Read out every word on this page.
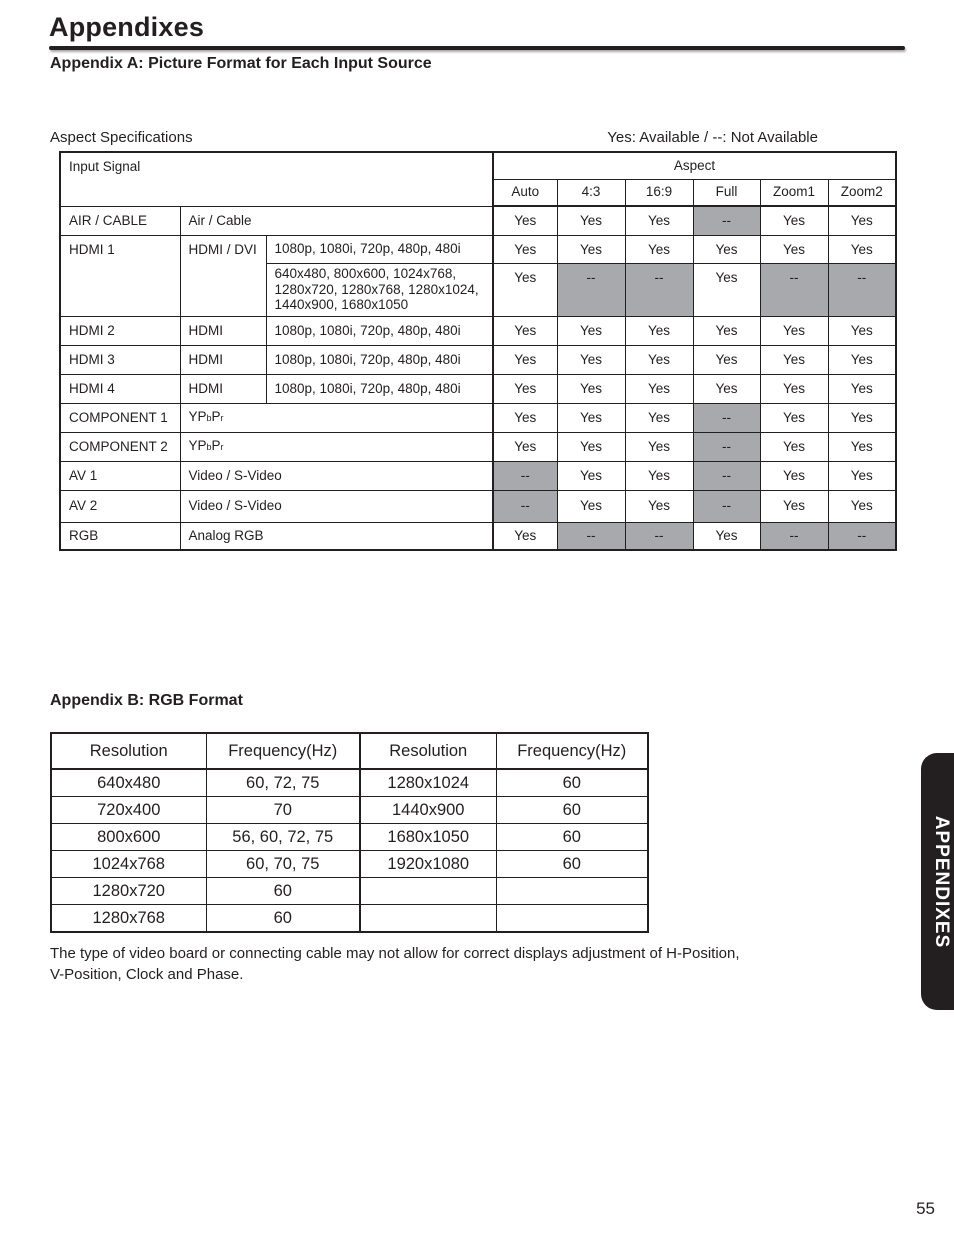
Appendixes
Appendix A: Picture Format for Each Input Source
Aspect Specifications	Yes: Available / --: Not Available
Input Signal			Aspect					
			Auto	4:3	16:9	Full	Zoom1	Zoom2
AIR / CABLE	Air / Cable		Yes	Yes	Yes	--	Yes	Yes
HDMI 1	HDMI / DVI	1080p, 1080i, 720p, 480p, 480i	Yes	Yes	Yes	Yes	Yes	Yes

		640x480, 800x600, 1024x768,
1280x720, 1280x768, 1280x1024,
1440x900, 1680x1050	Yes	--	--	Yes	--	--
HDMI 2	HDMI	1080p, 1080i, 720p, 480p, 480i	Yes	Yes	Yes	Yes	Yes	Yes
HDMI 3	HDMI	1080p, 1080i, 720p, 480p, 480i	Yes	Yes	Yes	Yes	Yes	Yes
HDMI 4	HDMI	1080p, 1080i, 720p, 480p, 480i	Yes	Yes	Yes	Yes	Yes	Yes
COMPONENT 1	YPbPr		Yes	Yes	Yes	--	Yes	Yes
COMPONENT 2	YPbPr		Yes	Yes	Yes	--	Yes	Yes
AV 1	Video / S-Video		--	Yes	Yes	--	Yes	Yes
AV 2	Video / S-Video		--	Yes	Yes	--	Yes	Yes
RGB	Analog RGB		Yes	--	--	Yes	--	--
Appendix B: RGB Format
Resolution	Frequency(Hz)	Resolution	Frequency(Hz)
640x480	60, 72, 75	1280x1024	60
720x400	70	1440x900	60
800x600	56, 60, 72, 75	1680x1050	60
1024x768	60, 70, 75	1920x1080	60
1280x720	60		
1280x768	60		

The type of video board or connecting cable may not allow for correct displays adjustment of H-Position,
V-Position, Clock and Phase.

APPENDIXES
55
